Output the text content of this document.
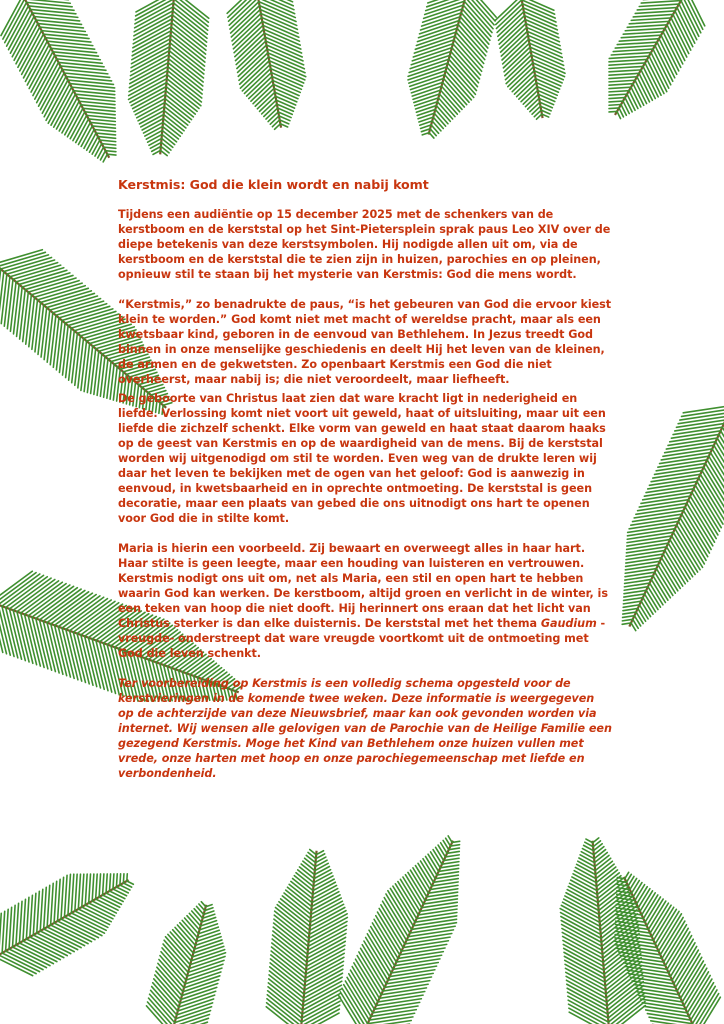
Kerstmis: God die klein wordt en nabij komt

Tijdens een audiëntie op 15 december 2025 met de schenkers van de kerstboom en de kerststal op het Sint-Pietersplein sprak paus Leo XIV over de diepe betekenis van deze kerstsymbolen. Hij nodigde allen uit om, via de kerstboom en de kerststal die te zien zijn in huizen, parochies en op pleinen, opnieuw stil te staan bij het mysterie van Kerstmis: God die mens wordt.

“Kerstmis,” zo benadrukte de paus, “is het gebeuren van God die ervoor kiest klein te worden.” God komt niet met macht of wereldse pracht, maar als een kwetsbaar kind, geboren in de eenvoud van Bethlehem. In Jezus treedt God binnen in onze menselijke geschiedenis en deelt Hij het leven van de kleinen, de armen en de gekwetsten. Zo openbaart Kerstmis een God die niet overheerst, maar nabij is; die niet veroordeelt, maar liefheeft.

De geboorte van Christus laat zien dat ware kracht ligt in nederigheid en liefde. Verlossing komt niet voort uit geweld, haat of uitsluiting, maar uit een liefde die zichzelf schenkt. Elke vorm van geweld en haat staat daarom haaks op de geest van Kerstmis en op de waardigheid van de mens. Bij de kerststal worden wij uitgenodigd om stil te worden. Even weg van de drukte leren wij daar het leven te bekijken met de ogen van het geloof: God is aanwezig in eenvoud, in kwetsbaarheid en in oprechte ontmoeting. De kerststal is geen decoratie, maar een plaats van gebed die ons uitnodigt ons hart te openen voor God die in stilte komt.

Maria is hierin een voorbeeld. Zij bewaart en overweegt alles in haar hart. Haar stilte is geen leegte, maar een houding van luisteren en vertrouwen. Kerstmis nodigt ons uit om, net als Maria, een stil en open hart te hebben waarin God kan werken. De kerstboom, altijd groen en verlicht in de winter, is een teken van hoop die niet dooft. Hij herinnert ons eraan dat het licht van Christus sterker is dan elke duisternis. De kerststal met het thema Gaudium -vreugde- onderstreept dat ware vreugde voortkomt uit de ontmoeting met God die leven schenkt.

Ter voorbereiding op Kerstmis is een volledig schema opgesteld voor de kerstvieringen in de komende twee weken. Deze informatie is weergegeven op de achterzijde van deze Nieuwsbrief, maar kan ook gevonden worden via internet. Wij wensen alle gelovigen van de Parochie van de Heilige Familie een gezegend Kerstmis. Moge het Kind van Bethlehem onze huizen vullen met vrede, onze harten met hoop en onze parochiegemeenschap met liefde en verbondenheid.
